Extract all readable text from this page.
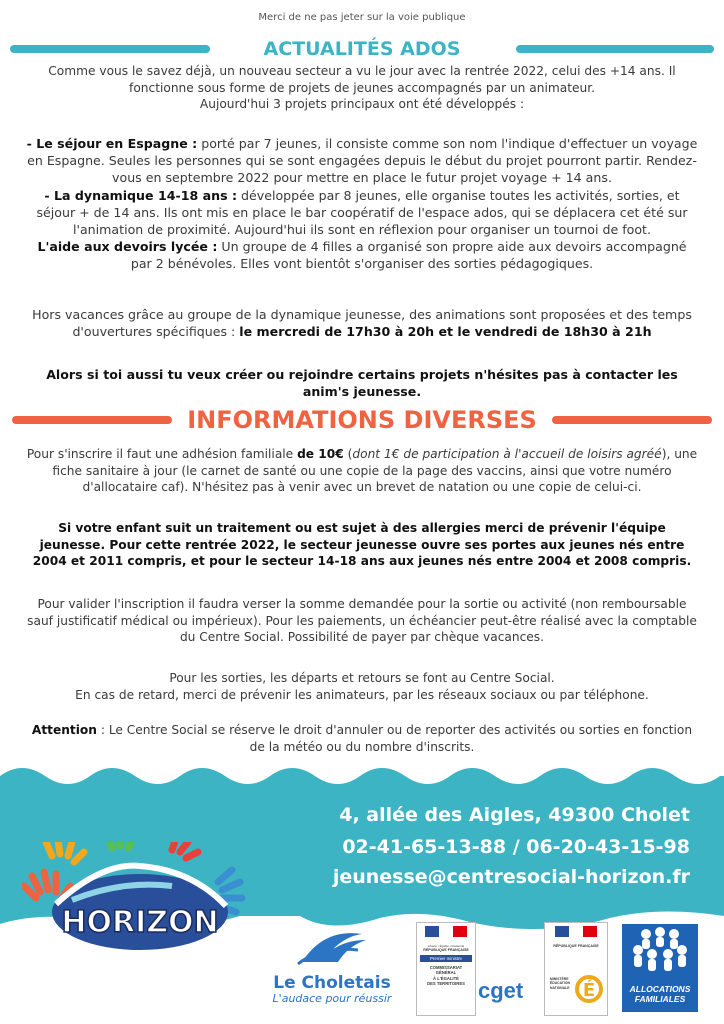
Merci de ne pas jeter sur la voie publique
ACTUALITÉS ADOS
Comme vous le savez déjà, un nouveau secteur a vu le jour avec la rentrée 2022, celui des +14 ans. Il fonctionne sous forme de projets de jeunes accompagnés par un animateur.
Aujourd'hui 3 projets principaux ont été développés :
- Le séjour en Espagne : porté par 7 jeunes, il consiste comme son nom l'indique d'effectuer un voyage en Espagne. Seules les personnes qui se sont engagées depuis le début du projet pourront partir. Rendez-vous en septembre 2022 pour mettre en place le futur projet voyage + 14 ans.
- La dynamique 14-18 ans : développée par 8 jeunes, elle organise toutes les activités, sorties, et séjour + de 14 ans. Ils ont mis en place le bar coopératif de l'espace ados, qui se déplacera cet été sur l'animation de proximité. Aujourd'hui ils sont en réflexion pour organiser un tournoi de foot.
L'aide aux devoirs lycée : Un groupe de 4 filles a organisé son propre aide aux devoirs accompagné par 2 bénévoles. Elles vont bientôt s'organiser des sorties pédagogiques.
Hors vacances grâce au groupe de la dynamique jeunesse, des animations sont proposées et des temps d'ouvertures spécifiques : le mercredi de 17h30 à 20h et le vendredi de 18h30 à 21h
Alors si toi aussi tu veux créer ou rejoindre certains projets n'hésites pas à contacter les anim's jeunesse.
INFORMATIONS DIVERSES
Pour s'inscrire il faut une adhésion familiale de 10€ (dont 1€ de participation à l'accueil de loisirs agréé), une fiche sanitaire à jour (le carnet de santé ou une copie de la page des vaccins, ainsi que votre numéro d'allocataire caf). N'hésitez pas à venir avec un brevet de natation ou une copie de celui-ci.
Si votre enfant suit un traitement ou est sujet à des allergies merci de prévenir l'équipe jeunesse. Pour cette rentrée 2022, le secteur jeunesse ouvre ses portes aux jeunes nés entre 2004 et 2011 compris, et pour le secteur 14-18 ans aux jeunes nés entre 2004 et 2008 compris.
Pour valider l'inscription il faudra verser la somme demandée pour la sortie ou activité (non remboursable sauf justificatif médical ou impérieux). Pour les paiements, un échéancier peut-être réalisé avec la comptable du Centre Social. Possibilité de payer par chèque vacances.
Pour les sorties, les départs et retours se font au Centre Social.
En cas de retard, merci de prévenir les animateurs, par les réseaux sociaux ou par téléphone.
Attention : Le Centre Social se réserve le droit d'annuler ou de reporter des activités ou sorties en fonction de la météo ou du nombre d'inscrits.
4, allée des Aigles, 49300 Cholet
02-41-65-13-88 / 06-20-43-15-98
jeunesse@centresocial-horizon.fr
HORIZON
Le Choletais
L'audace pour réussir
Liberté • Égalité • Fraternité
RÉPUBLIQUE FRANÇAISE
Premier ministre
COMMISSARIAT
GÉNÉRAL
À L'ÉGALITÉ
DES TERRITOIRES cget
RÉPUBLIQUE FRANÇAISE
MINISTÈRE ÉDUCATION NATIONALE É	ALLOCATIONS
FAMILIALES
